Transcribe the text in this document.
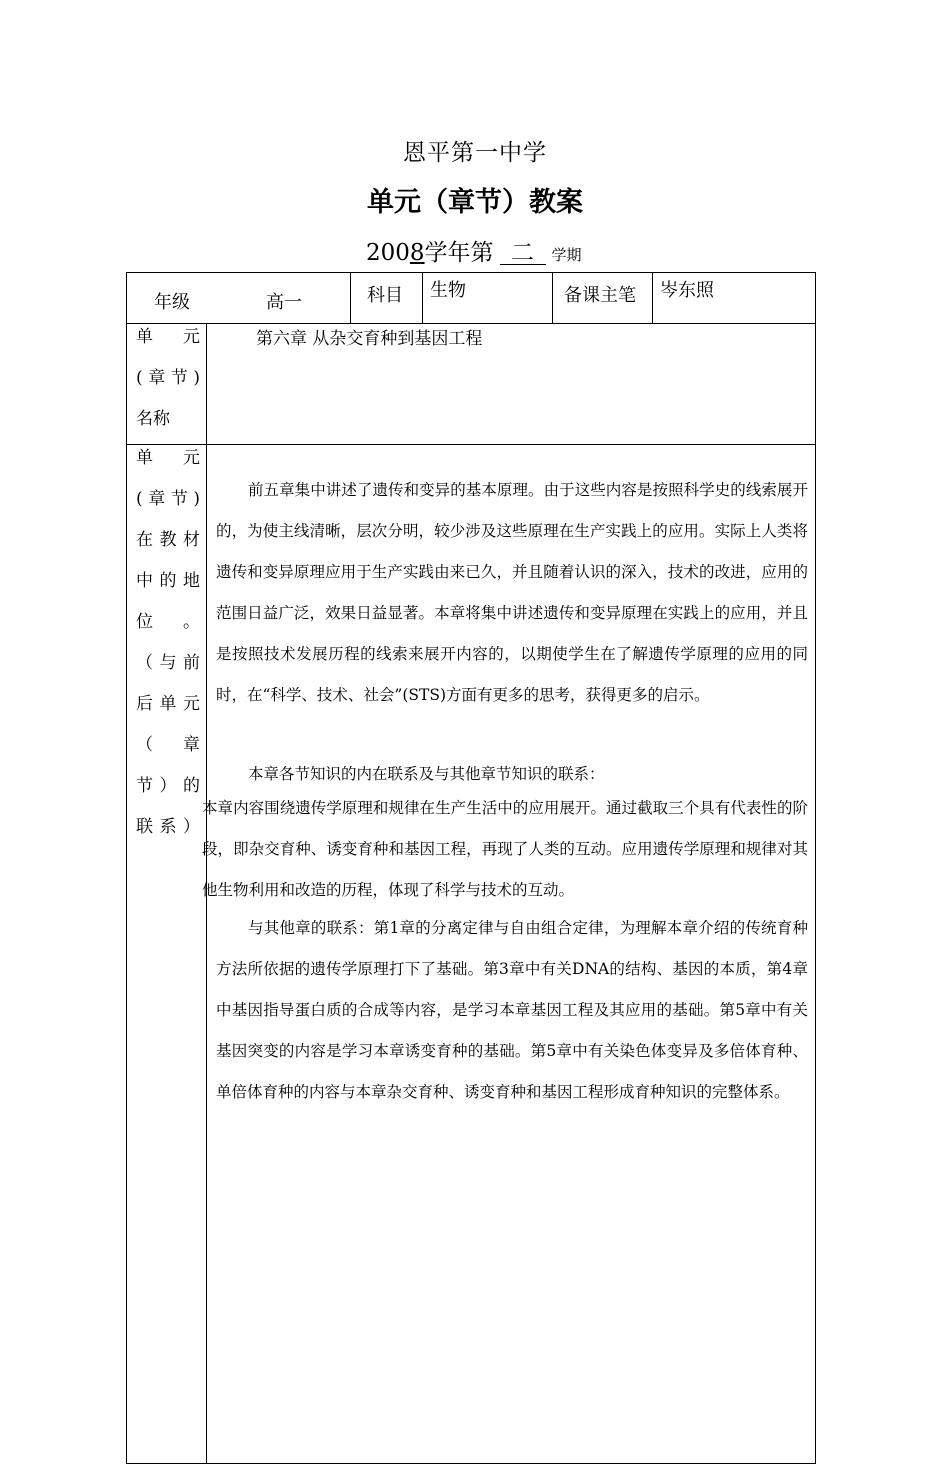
恩平第一中学
单元（章节）教案
2008学年第 二 学期
年级	高一	科目 生物	备课主笔 岑东照
单　元
(章节)
名称
第六章 从杂交育种到基因工程
单　元
(章节)
在教材
中的地
位　。
（与前
后单元
（　章
节）的
联系）
前五章集中讲述了遗传和变异的基本原理。由于这些内容是按照科学史的线索展开的，为使主线清晰，层次分明，较少涉及这些原理在生产实践上的应用。实际上人类将遗传和变异原理应用于生产实践由来已久，并且随着认识的深入，技术的改进，应用的范围日益广泛，效果日益显著。本章将集中讲述遗传和变异原理在实践上的应用，并且是按照技术发展历程的线索来展开内容的，以期使学生在了解遗传学原理的应用的同时，在“科学、技术、社会”(STS)方面有更多的思考，获得更多的启示。
本章各节知识的内在联系及与其他章节知识的联系：
本章内容围绕遗传学原理和规律在生产生活中的应用展开。通过截取三个具有代表性的阶段，即杂交育种、诱变育种和基因工程，再现了人类的互动。应用遗传学原理和规律对其他生物利用和改造的历程，体现了科学与技术的互动。
与其他章的联系：第1章的分离定律与自由组合定律，为理解本章介绍的传统育种方法所依据的遗传学原理打下了基础。第3章中有关DNA的结构、基因的本质，第4章中基因指导蛋白质的合成等内容，是学习本章基因工程及其应用的基础。第5章中有关基因突变的内容是学习本章诱变育种的基础。第5章中有关染色体变异及多倍体育种、单倍体育种的内容与本章杂交育种、诱变育种和基因工程形成育种知识的完整体系。
